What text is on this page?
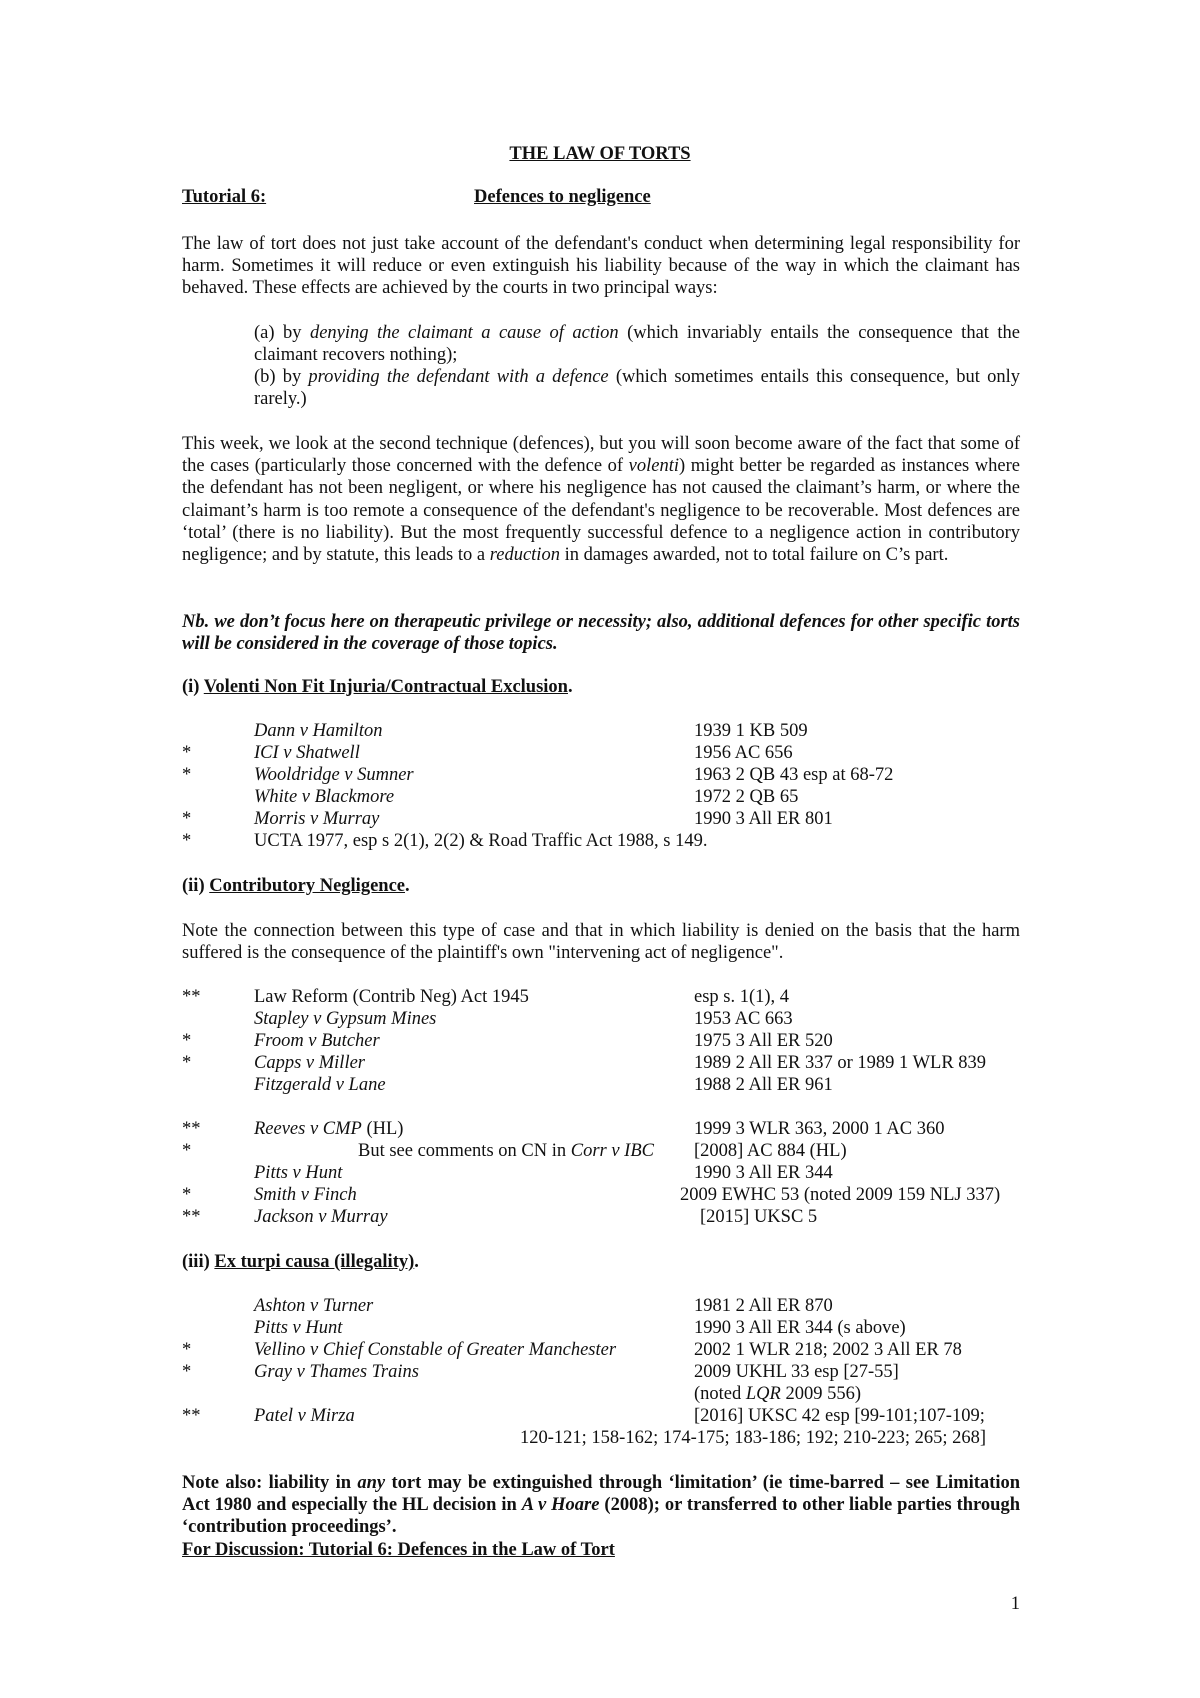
THE LAW OF TORTS
Tutorial 6:	Defences to negligence
The law of tort does not just take account of the defendant's conduct when determining legal responsibility for harm. Sometimes it will reduce or even extinguish his liability because of the way in which the claimant has behaved. These effects are achieved by the courts in two principal ways:
(a) by denying the claimant a cause of action (which invariably entails the consequence that the claimant recovers nothing);
(b) by providing the defendant with a defence (which sometimes entails this consequence, but only rarely.)
This week, we look at the second technique (defences), but you will soon become aware of the fact that some of the cases (particularly those concerned with the defence of volenti) might better be regarded as instances where the defendant has not been negligent, or where his negligence has not caused the claimant’s harm, or where the claimant’s harm is too remote a consequence of the defendant's negligence to be recoverable. Most defences are ‘total’ (there is no liability). But the most frequently successful defence to a negligence action in contributory negligence; and by statute, this leads to a reduction in damages awarded, not to total failure on C’s part.
Nb. we don’t focus here on therapeutic privilege or necessity; also, additional defences for other specific torts will be considered in the coverage of those topics.
(i) Volenti Non Fit Injuria/Contractual Exclusion.
Dann v Hamilton	1939 1 KB 509
*	ICI v Shatwell	1956 AC 656
*	Wooldridge v Sumner	1963 2 QB 43 esp at 68-72
White v Blackmore	1972 2 QB 65
*	Morris v Murray	1990 3 All ER 801
*	UCTA 1977, esp s 2(1), 2(2) & Road Traffic Act 1988, s 149.
(ii) Contributory Negligence.
Note the connection between this type of case and that in which liability is denied on the basis that the harm suffered is the consequence of the plaintiff's own "intervening act of negligence".
**	Law Reform (Contrib Neg) Act 1945	esp s. 1(1), 4
Stapley v Gypsum Mines	1953 AC 663
*	Froom v Butcher	1975 3 All ER 520
*	Capps v Miller	1989 2 All ER 337 or 1989 1 WLR 839
Fitzgerald v Lane	1988 2 All ER 961
**	Reeves v CMP (HL)	1999 3 WLR 363, 2000 1 AC 360
*	But see comments on CN in Corr v IBC [2008] AC 884 (HL)
Pitts v Hunt	1990 3 All ER 344
*	Smith v Finch	2009 EWHC 53 (noted 2009 159 NLJ 337)
**	Jackson v Murray	[2015] UKSC 5
(iii) Ex turpi causa (illegality).
Ashton v Turner	1981 2 All ER 870
Pitts v Hunt	1990 3 All ER 344 (s above)
*	Vellino v Chief Constable of Greater Manchester	2002 1 WLR 218; 2002 3 All ER 78
*	Gray v Thames Trains	2009 UKHL 33 esp [27-55]
(noted LQR 2009 556)
**	Patel v Mirza	[2016] UKSC 42 esp [99-101;107-109;
120-121; 158-162; 174-175; 183-186; 192; 210-223; 265; 268]
Note also: liability in any tort may be extinguished through ‘limitation’ (ie time-barred – see Limitation Act 1980 and especially the HL decision in A v Hoare (2008); or transferred to other liable parties through ‘contribution proceedings’.
For Discussion: Tutorial 6: Defences in the Law of Tort
1
